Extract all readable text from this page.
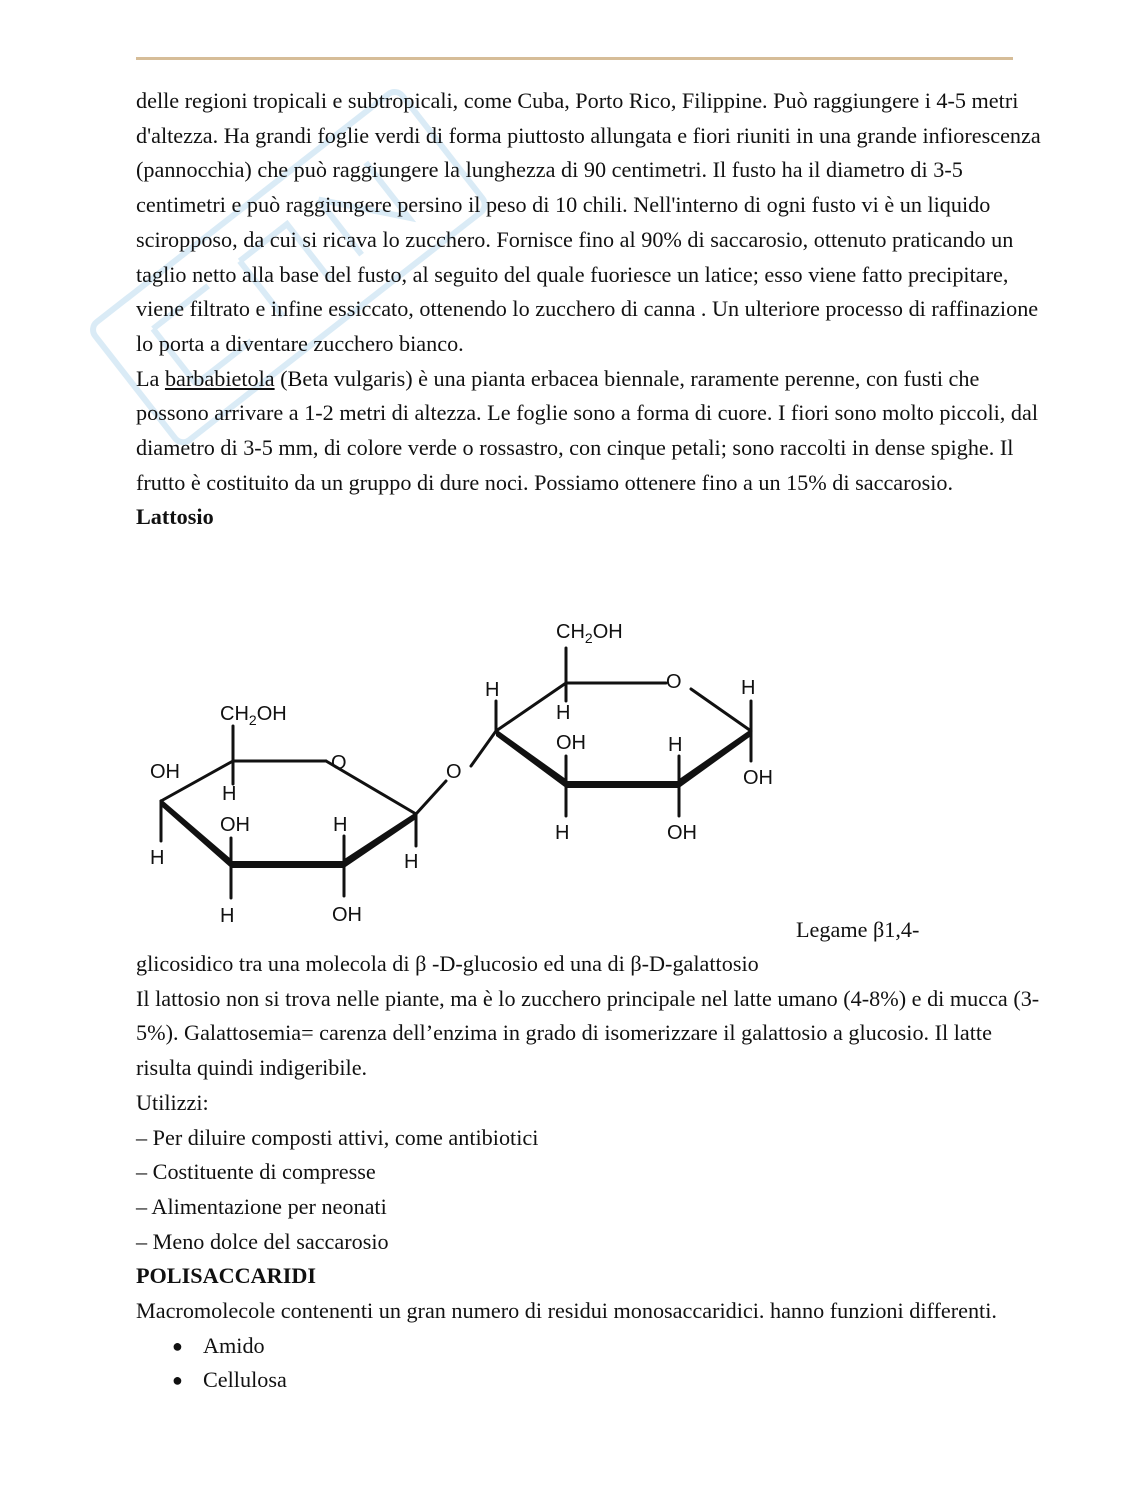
delle regioni tropicali e subtropicali, come Cuba, Porto Rico, Filippine. Può raggiungere i 4-5 metri d'altezza. Ha grandi foglie verdi di forma piuttosto allungata e fiori riuniti in una grande infiorescenza (pannocchia) che può raggiungere la lunghezza di 90 centimetri. Il fusto ha il diametro di 3-5 centimetri e può raggiungere persino il peso di 10 chili. Nell'interno di ogni fusto vi è un liquido sciropposo, da cui si ricava lo zucchero. Fornisce fino al 90% di saccarosio, ottenuto praticando un taglio netto alla base del fusto, al seguito del quale fuoriesce un latice; esso viene fatto precipitare, viene filtrato e infine essiccato, ottenendo lo zucchero di canna . Un ulteriore processo di raffinazione lo porta a diventare zucchero bianco.

La barbabietola (Beta vulgaris) è una pianta erbacea biennale, raramente perenne, con fusti che possono arrivare a 1-2 metri di altezza. Le foglie sono a forma di cuore. I fiori sono molto piccoli, dal diametro di 3-5 mm, di colore verde o rossastro, con cinque petali; sono raccolti in dense spighe. Il frutto è costituito da un gruppo di dure noci. Possiamo ottenere fino a un 15% di saccarosio.

Lattosio

$CH_2OH$
O
OH
H
H
OH	H
H	OH
H
O
$CH_2OH$
O
H
H
OH	H
H
OH
H	OH
Legame β1,4-

glicosidico tra una molecola di β -D-glucosio ed una di β-D-galattosio

Il lattosio non si trova nelle piante, ma è lo zucchero principale nel latte umano (4-8%) e di mucca (3-5%). Galattosemia= carenza dell’enzima in grado di isomerizzare il galattosio a glucosio. Il latte risulta quindi indigeribile.

Utilizzi:

– Per diluire composti attivi, come antibiotici

– Costituente di compresse

– Alimentazione per neonati

– Meno dolce del saccarosio

POLISACCARIDI

Macromolecole contenenti un gran numero di residui monosaccaridici. hanno funzioni differenti.

● Amido
● Cellulosa
